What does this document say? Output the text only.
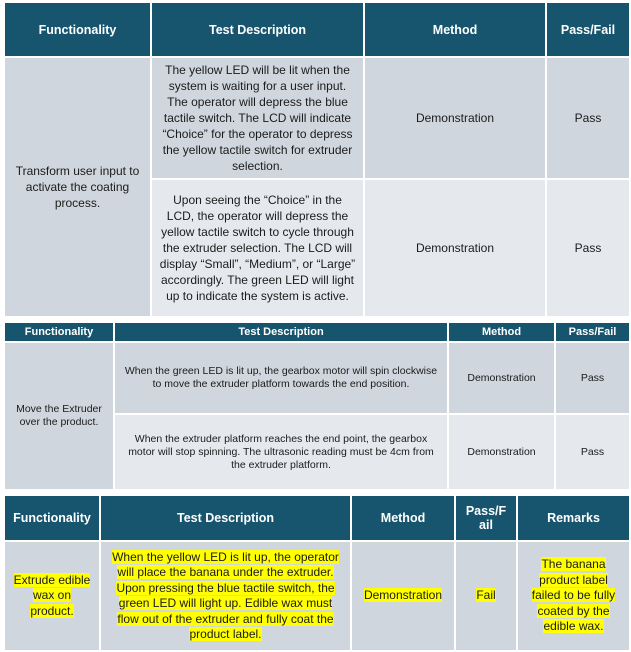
Functionality	Test Description	Method	Pass/Fail
Transform user input to activate the coating process.	The yellow LED will be lit when the system is waiting for a user input. The operator will depress the blue tactile switch. The LCD will indicate “Choice” for the operator to depress the yellow tactile switch for extruder selection.	Demonstration	Pass
	Upon seeing the “Choice” in the LCD, the operator will depress the yellow tactile switch to cycle through the extruder selection. The LCD will display “Small”, “Medium”, or “Large” accordingly. The green LED will light up to indicate the system is active.	Demonstration	Pass
Functionality	Test Description	Method	Pass/Fail
Move the Extruder over the product.	When the green LED is lit up, the gearbox motor will spin clockwise to move the extruder platform towards the end position.	Demonstration	Pass
	When the extruder platform reaches the end point, the gearbox motor will stop spinning. The ultrasonic reading must be 4cm from the extruder platform.	Demonstration	Pass
Functionality	Test Description	Method	Pass/F ail	Remarks
Extrude edible wax on product.	When the yellow LED is lit up, the operator will place the banana under the extruder. Upon pressing the blue tactile switch, the green LED will light up. Edible wax must flow out of the extruder and fully coat the product label.	Demonstration	Fail	The banana product label failed to be fully coated by the edible wax.
